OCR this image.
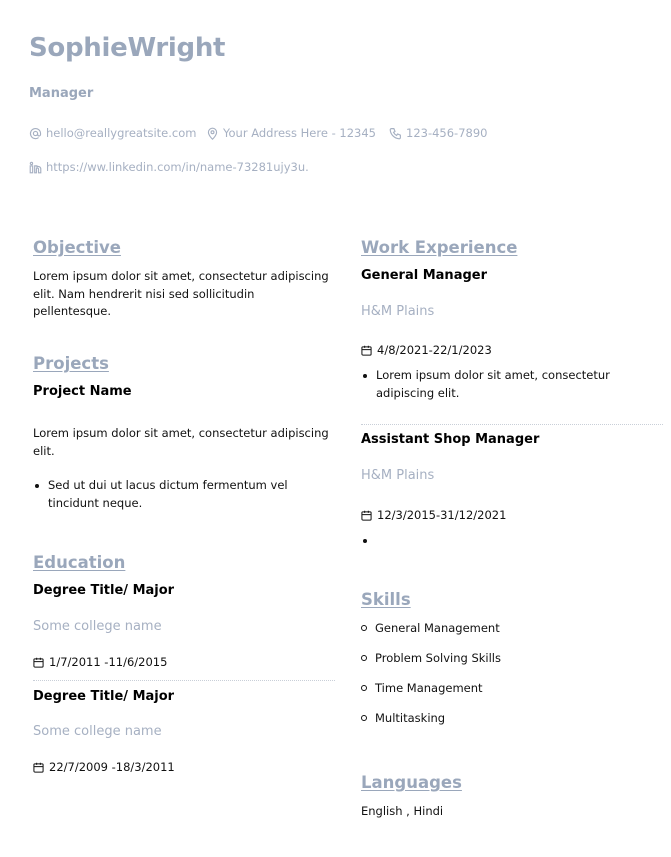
SophieWright
Manager
hello@reallygreatsite.com Your Address Here - 12345	123-456-7890
https://ww.linkedin.com/in/name-73281ujy3u.
Objective
Lorem ipsum dolor sit amet, consectetur adipiscing elit. Nam hendrerit nisi sed sollicitudin pellentesque.
Projects
Project Name
Lorem ipsum dolor sit amet, consectetur adipiscing elit.
Sed ut dui ut lacus dictum fermentum vel tincidunt neque.
Education
Degree Title/ Major
Some college name
1/7/2011 -11/6/2015
Degree Title/ Major
Some college name
22/7/2009 -18/3/2011
Work Experience
General Manager
H&M Plains
4/8/2021-22/1/2023
Lorem ipsum dolor sit amet, consectetur adipiscing elit.
Assistant Shop Manager
H&M Plains
12/3/2015-31/12/2021
Skills
General Management
Problem Solving Skills
Time Management
Multitasking
Languages
English , Hindi
